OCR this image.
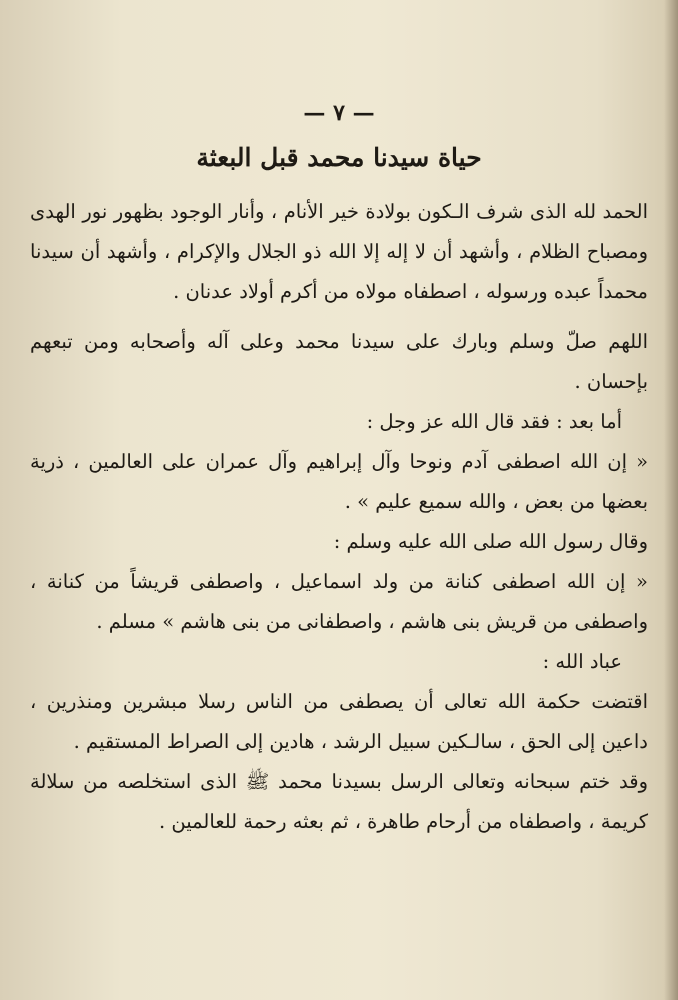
— ٧ —
حياة سيدنا محمد قبل البعثة

الحمد لله الذى شرف الـكون بولادة خير الأنام ، وأنار الوجود بظهور نور الهدى ومصباح الظلام ، وأشهد أن لا إله إلا الله ذو الجلال والإكرام ، وأشهد أن سيدنا محمداً عبده ورسوله ، اصطفاه مولاه من أكرم أولاد عدنان .

اللهم صلّ وسلم وبارك على سيدنا محمد وعلى آله وأصحابه ومن تبعهم بإحسان .

أما بعد : فقد قال الله عز وجل :

« إن الله اصطفى آدم ونوحا وآل إبراهيم وآل عمران على العالمين ، ذرية بعضها من بعض ، والله سميع عليم » .

وقال رسول الله صلى الله عليه وسلم :

« إن الله اصطفى كنانة من ولد اسماعيل ، واصطفى قريشاً من كنانة ، واصطفى من قريش بنى هاشم ، واصطفانى من بنى هاشم » مسلم .

عباد الله :

اقتضت حكمة الله تعالى أن يصطفى من الناس رسلا مبشرين ومنذرين ، داعين إلى الحق ، سالـكين سبيل الرشد ، هادين إلى الصراط المستقيم .

وقد ختم سبحانه وتعالى الرسل بسيدنا محمد ﷺ الذى استخلصه من سلالة كريمة ، واصطفاه من أرحام طاهرة ، ثم بعثه رحمة للعالمين .
